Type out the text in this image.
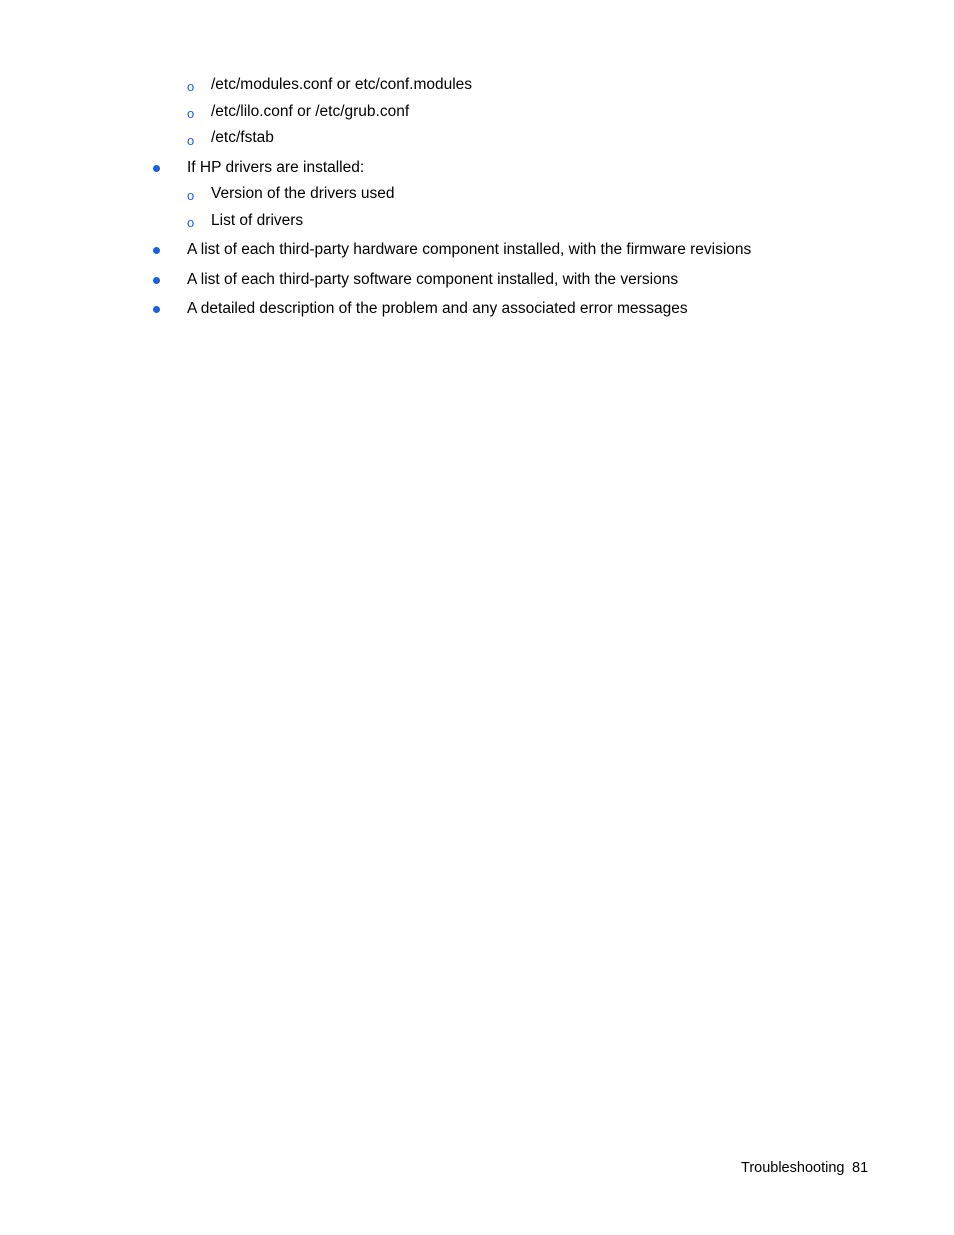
o /etc/modules.conf or etc/conf.modules
o /etc/lilo.conf or /etc/grub.conf
o /etc/fstab
If HP drivers are installed:
o Version of the drivers used
o List of drivers
A list of each third-party hardware component installed, with the firmware revisions
A list of each third-party software component installed, with the versions
A detailed description of the problem and any associated error messages
Troubleshooting 81
